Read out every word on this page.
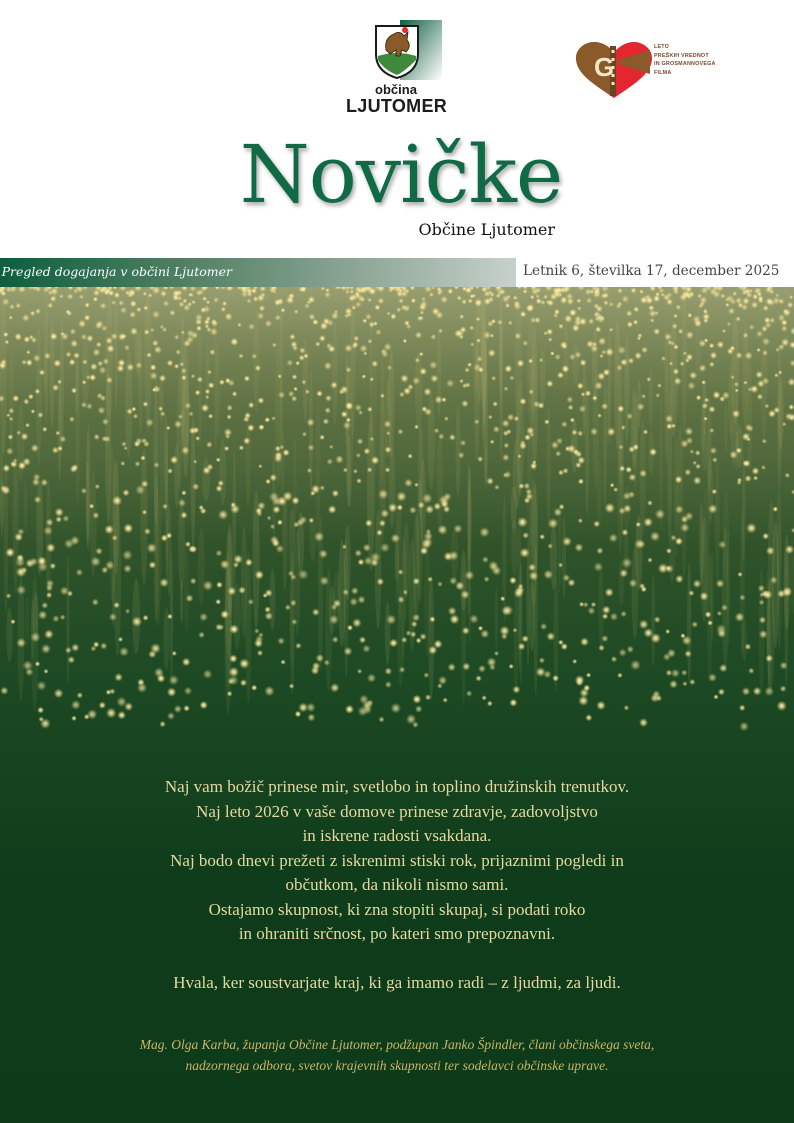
občina
LJUTOMER
G
LETO
PREŠKIH VREDNOT
IN GROSMANNOVEGA
FILMA
Novičke
Občine Ljutomer
Pregled dogajanja v občini Ljutomer	Letnik 6, številka 17, december 2025
Naj vam božič prinese mir, svetlobo in toplino družinskih trenutkov.
Naj leto 2026 v vaše domove prinese zdravje, zadovoljstvo
in iskrene radosti vsakdana.
Naj bodo dnevi prežeti z iskrenimi stiski rok, prijaznimi pogledi in
občutkom, da nikoli nismo sami.
Ostajamo skupnost, ki zna stopiti skupaj, si podati roko
in ohraniti srčnost, po kateri smo prepoznavni.
Hvala, ker soustvarjate kraj, ki ga imamo radi – z ljudmi, za ljudi.
Mag. Olga Karba, županja Občine Ljutomer, podžupan Janko Špindler, člani občinskega sveta,
nadzornega odbora, svetov krajevnih skupnosti ter sodelavci občinske uprave.
